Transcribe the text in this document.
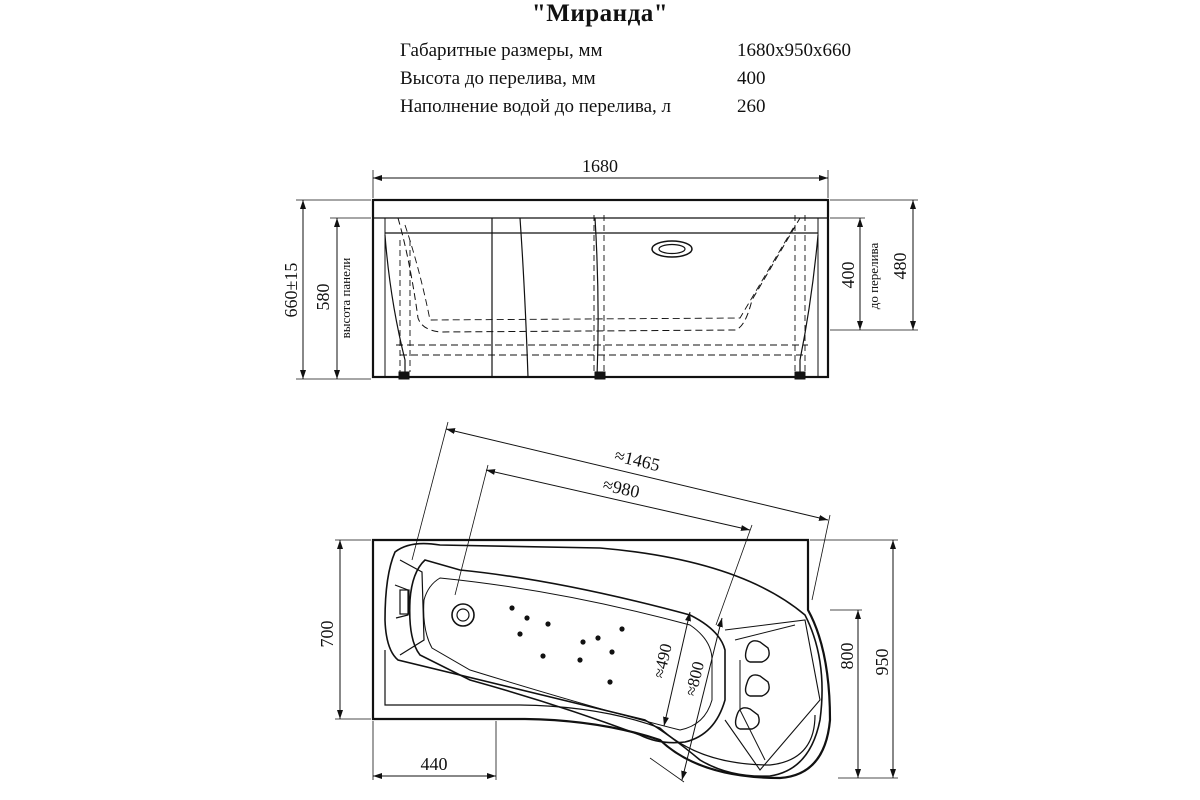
"Миранда"
Габаритные размеры, мм	1680x950x660
Высота до перелива, мм	400
Наполнение водой до перелива, л	260
1680
660±15 580 высота панели	400 до перелива 480
≈1465
≈980
≈490 ≈800
700
800 950
440
